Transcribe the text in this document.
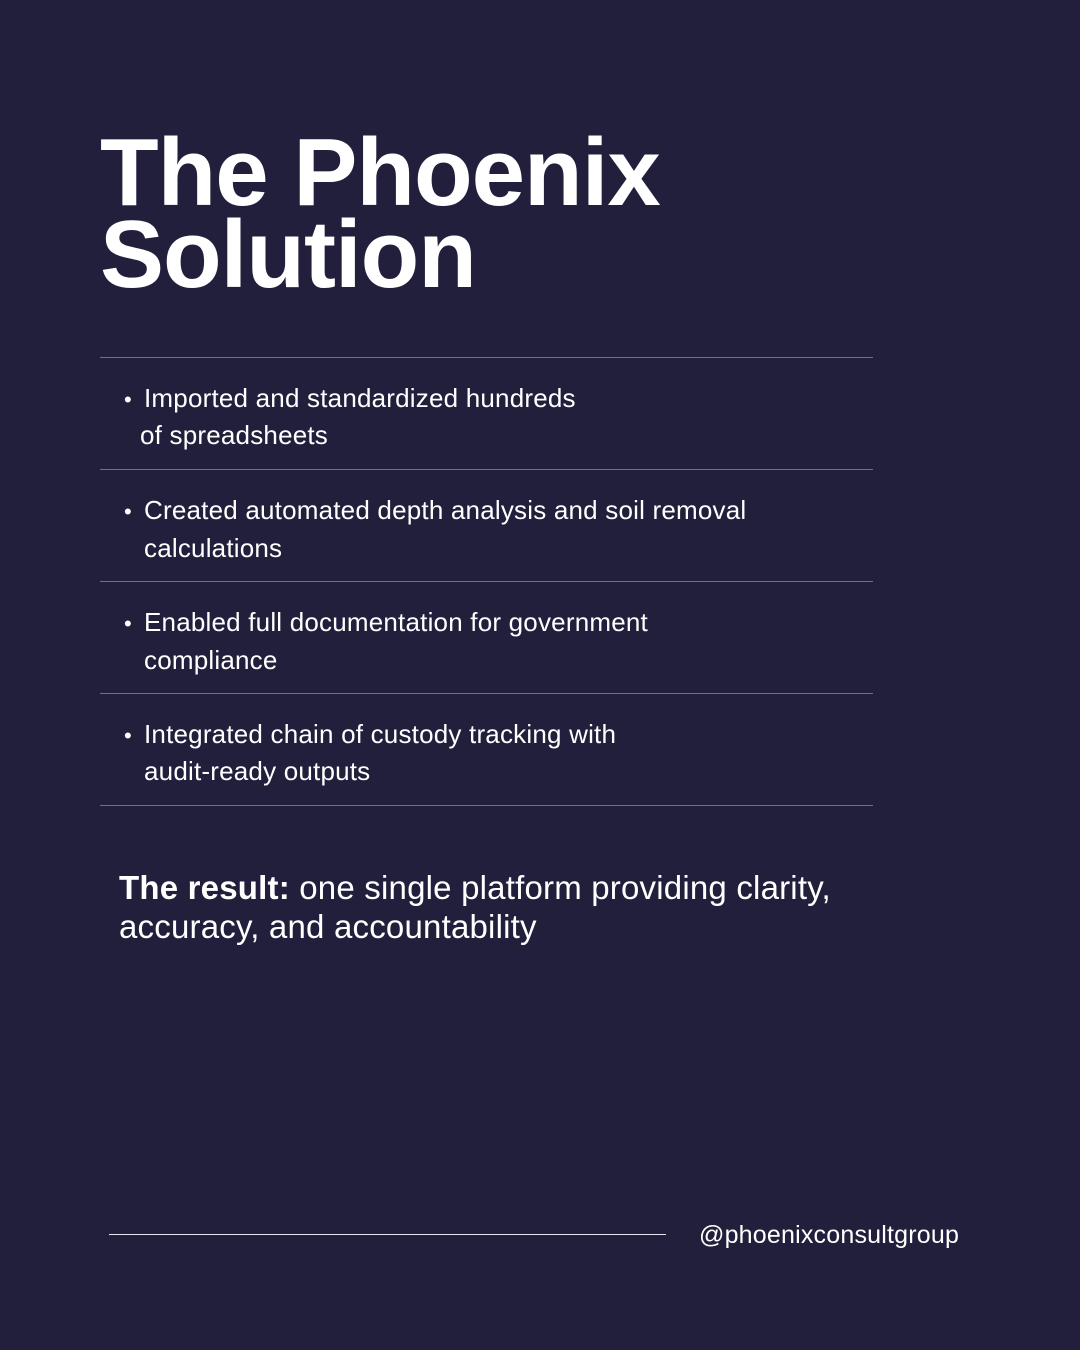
The Phoenix
Solution
• Imported and standardized hundreds
of spreadsheets
• Created automated depth analysis and soil removal
calculations
• Enabled full documentation for government
compliance
• Integrated chain of custody tracking with
audit-ready outputs

The result: one single platform providing clarity, accuracy, and accountability

@phoenixconsultgroup
